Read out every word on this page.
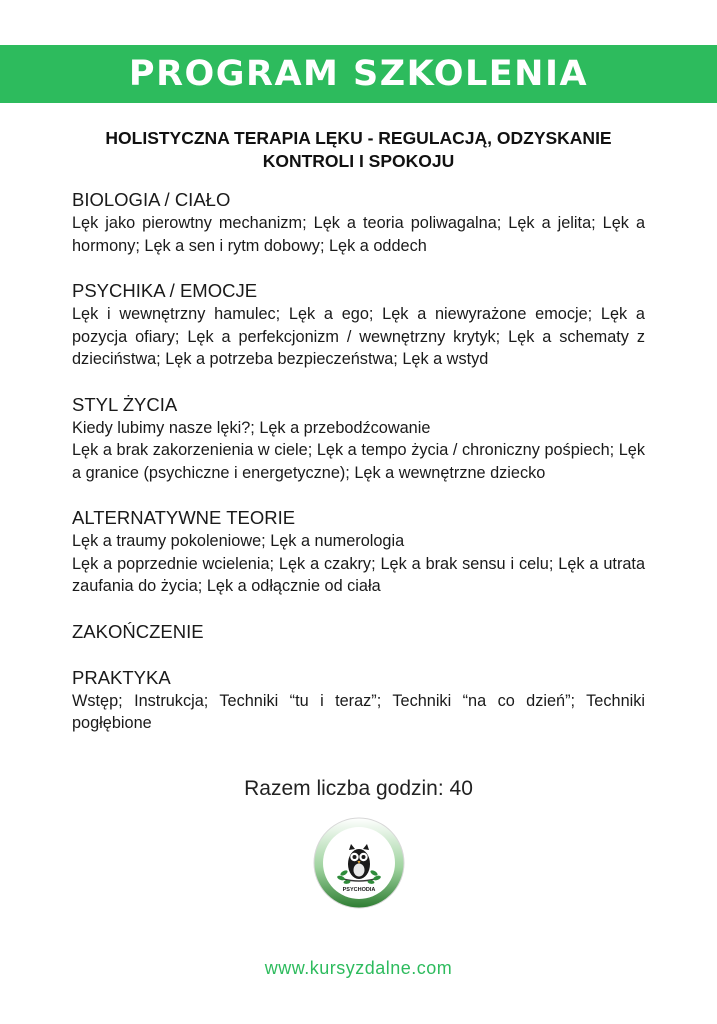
PROGRAM SZKOLENIA
HOLISTYCZNA TERAPIA LĘKU - REGULACJĄ, ODZYSKANIE
KONTROLI I SPOKOJU
BIOLOGIA / CIAŁO

Lęk jako pierowtny mechanizm; Lęk a teoria poliwagalna; Lęk a jelita; Lęk a hormony; Lęk a sen i rytm dobowy; Lęk a oddech

PSYCHIKA / EMOCJE

Lęk i wewnętrzny hamulec; Lęk a ego; Lęk a niewyrażone emocje; Lęk a pozycja ofiary; Lęk a perfekcjonizm / wewnętrzny krytyk; Lęk a schematy z dzieciństwa; Lęk a potrzeba bezpieczeństwa; Lęk a wstyd

STYL ŻYCIA

Kiedy lubimy nasze lęki?; Lęk a przebodźcowanie

Lęk a brak zakorzenienia w ciele; Lęk a tempo życia / chroniczny pośpiech; Lęk a granice (psychiczne i energetyczne); Lęk a wewnętrzne dziecko

ALTERNATYWNE TEORIE

Lęk a traumy pokoleniowe; Lęk a numerologia

Lęk a poprzednie wcielenia; Lęk a czakry; Lęk a brak sensu i celu; Lęk a utrata zaufania do życia; Lęk a odłącznie od ciała

ZAKOŃCZENIE
PRAKTYKA

Wstęp; Instrukcja; Techniki “tu i teraz”; Techniki “na co dzień”; Techniki pogłębione

Razem liczba godzin: 40
PSYCHODIA
www.kursyzdalne.com
